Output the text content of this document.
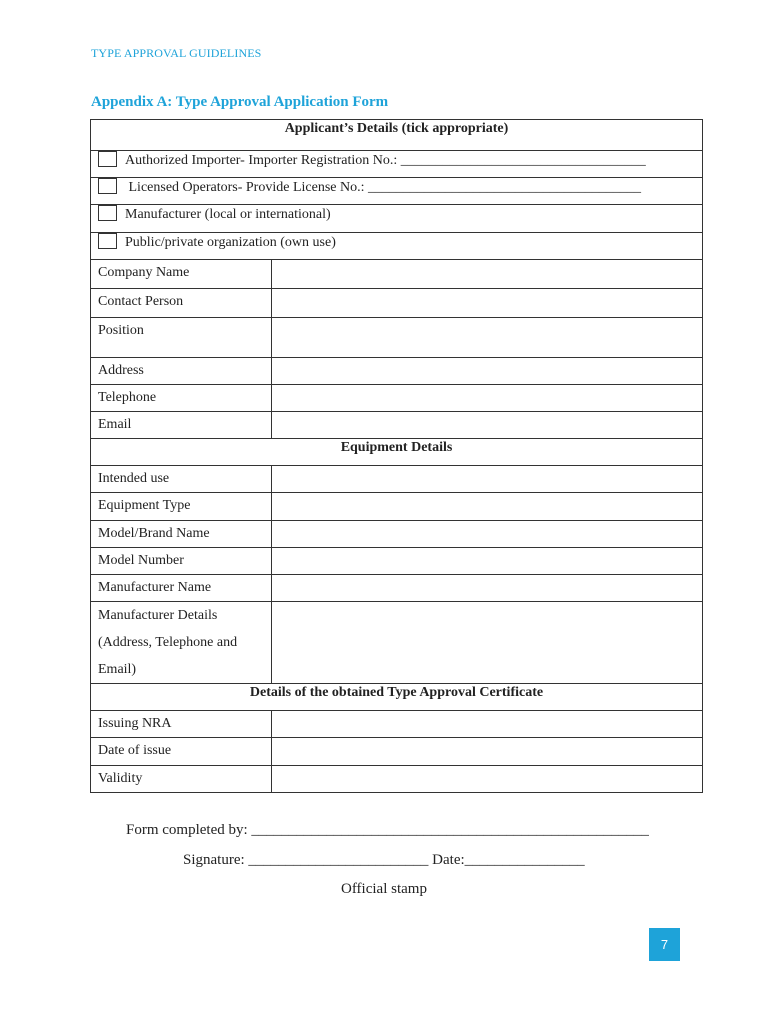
TYPE APPROVAL GUIDELINES
Appendix A: Type Approval Application Form
Applicant’s Details (tick appropriate)	
Authorized Importer- Importer Registration No.: ___________________________________	
Licensed Operators- Provide License No.: _______________________________________	
Manufacturer (local or international)	
Public/private organization (own use)	
Company Name	
Contact Person	
Position	
Address	
Telephone	
Email	
Equipment Details	
Intended use	
Equipment Type	
Model/Brand Name	
Model Number	
Manufacturer Name	

Manufacturer Details
(Address, Telephone and
Email)	

Details of the obtained Type Approval Certificate	
Issuing NRA	
Date of issue	
Validity	
Form completed by: _____________________________________________________
Signature: ________________________ Date:________________
Official stamp
7
